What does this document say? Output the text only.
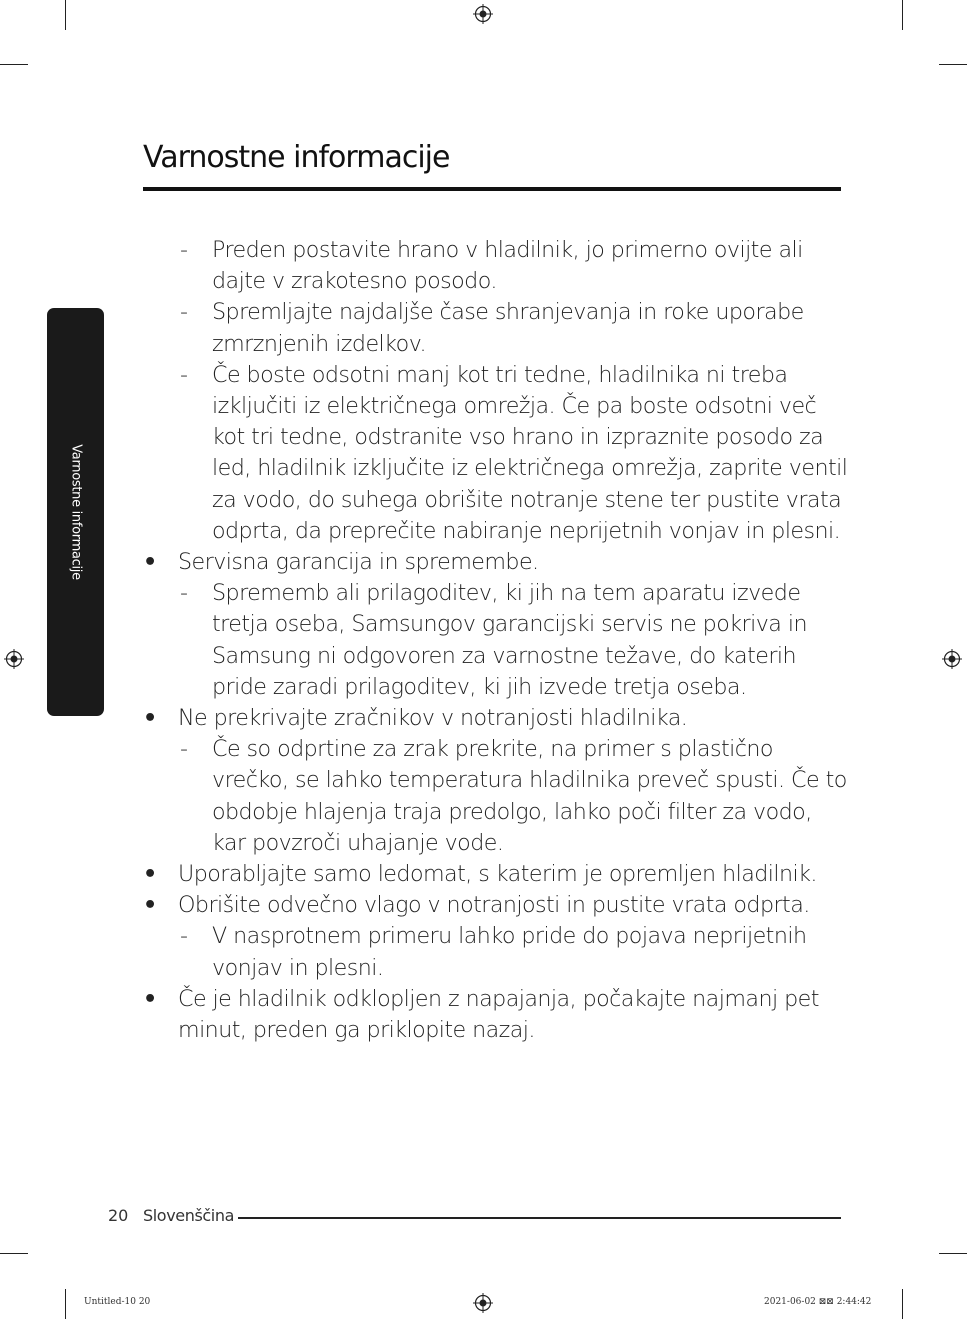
Varnostne informacije
Varnostne informacije
- Preden postavite hrano v hladilnik, jo primerno ovijte ali dajte v zrakotesno posodo.
- Spremljajte najdaljše čase shranjevanja in roke uporabe zmrznjenih izdelkov.
- Če boste odsotni manj kot tri tedne, hladilnika ni treba izključiti iz električnega omrežja. Če pa boste odsotni več kot tri tedne, odstranite vso hrano in izpraznite posodo za led, hladilnik izključite iz električnega omrežja, zaprite ventil za vodo, do suhega obrišite notranje stene ter pustite vrata odprta, da preprečite nabiranje neprijetnih vonjav in plesni.
• Servisna garancija in spremembe.
- Sprememb ali prilagoditev, ki jih na tem aparatu izvede tretja oseba, Samsungov garancijski servis ne pokriva in Samsung ni odgovoren za varnostne težave, do katerih pride zaradi prilagoditev, ki jih izvede tretja oseba.
• Ne prekrivajte zračnikov v notranjosti hladilnika.
- Če so odprtine za zrak prekrite, na primer s plastično vrečko, se lahko temperatura hladilnika preveč spusti. Če to obdobje hlajenja traja predolgo, lahko poči filter za vodo, kar povzroči uhajanje vode.
• Uporabljajte samo ledomat, s katerim je opremljen hladilnik.
• Obrišite odvečno vlago v notranjosti in pustite vrata odprta.
- V nasprotnem primeru lahko pride do pojava neprijetnih vonjav in plesni.
• Če je hladilnik odklopljen z napajanja, počakajte najmanj pet minut, preden ga priklopite nazaj.
20 Slovenščina
Untitled-10 20	2021-06-02 ⊠⊠ 2:44:42
